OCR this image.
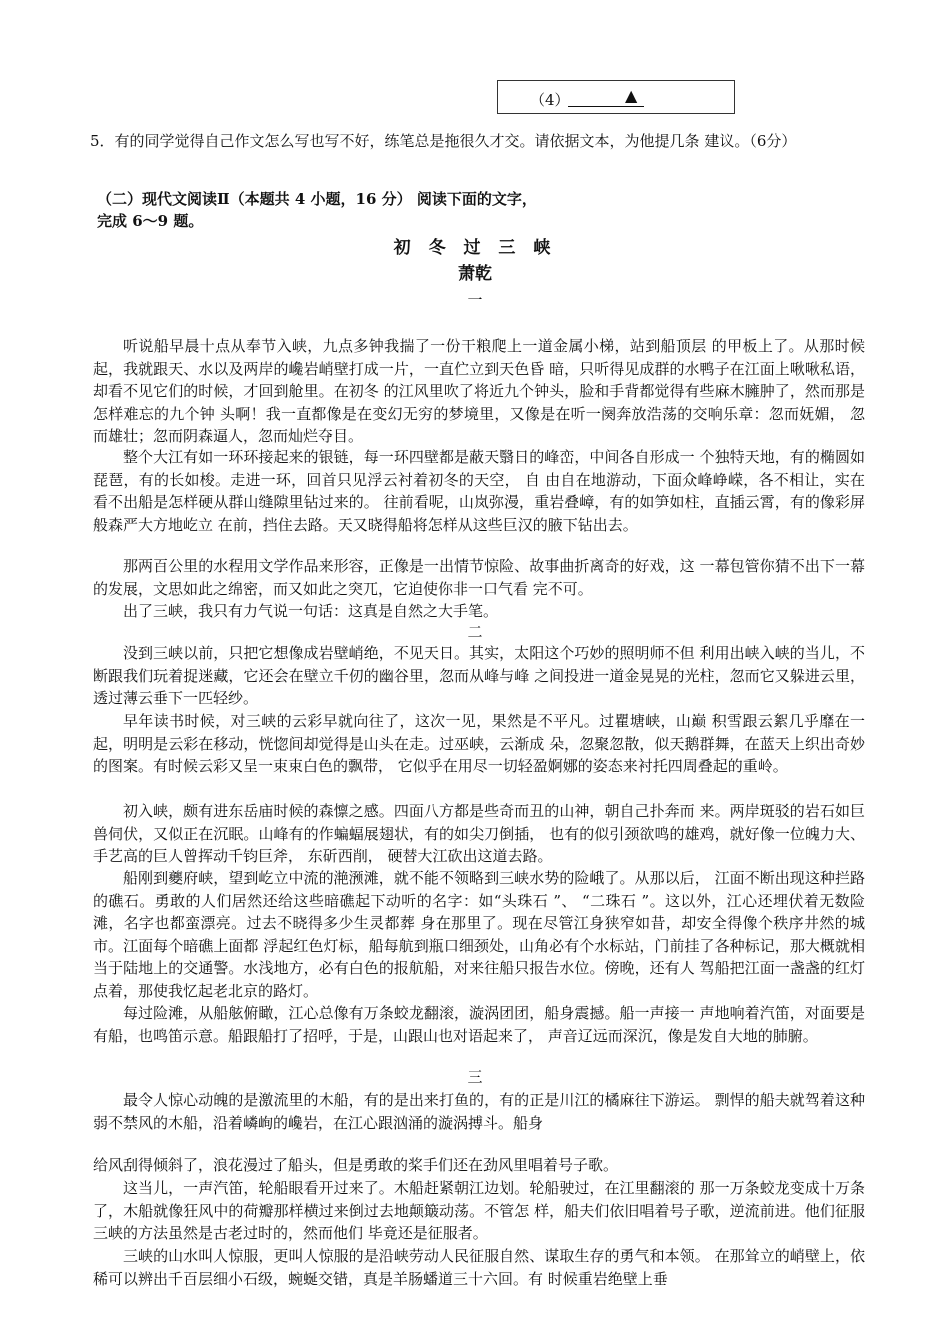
（4）	▲
5．有的同学觉得自己作文怎么写也写不好，练笔总是拖很久才交。请依据文本，为他提几条 建议。（6分）
（二）现代文阅读Ⅱ（本题共 4 小题，16 分） 阅读下面的文字，完成 6～9 题。
初 冬 过 三 峡
萧乾
一
听说船早晨十点从奉节入峡，九点多钟我揣了一份干粮爬上一道金属小梯，站到船顶层 的甲板上了。从那时候起，我就跟天、水以及两岸的巉岩峭壁打成一片，一直伫立到天色昏 暗，只听得见成群的水鸭子在江面上啾啾私语，却看不见它们的时候，才回到舱里。在初冬 的江风里吹了将近九个钟头，脸和手背都觉得有些麻木臃肿了，然而那是怎样难忘的九个钟 头啊！我一直都像是在变幻无穷的梦境里，又像是在听一阕奔放浩荡的交响乐章：忽而妩媚， 忽而雄壮；忽而阴森逼人，忽而灿烂夺目。
整个大江有如一环环接起来的银链，每一环四壁都是蔽天翳日的峰峦，中间各自形成一 个独特天地，有的椭圆如琵琶，有的长如梭。走进一环，回首只见浮云衬着初冬的天空， 自 由自在地游动，下面众峰峥嵘，各不相让，实在看不出船是怎样硬从群山缝隙里钻过来的。 往前看呢，山岚弥漫，重岩叠嶂，有的如笋如柱，直插云霄，有的像彩屏般森严大方地屹立 在前，挡住去路。天又晓得船将怎样从这些巨汉的腋下钻出去。
那两百公里的水程用文学作品来形容，正像是一出情节惊险、故事曲折离奇的好戏，这 一幕包管你猜不出下一幕的发展，文思如此之绵密，而又如此之突兀，它迫使你非一口气看 完不可。
出了三峡，我只有力气说一句话：这真是自然之大手笔。
二
没到三峡以前，只把它想像成岩壁峭绝，不见天日。其实，太阳这个巧妙的照明师不但 利用出峡入峡的当儿，不断跟我们玩着捉迷藏，它还会在壁立千仞的幽谷里，忽而从峰与峰 之间投进一道金晃晃的光柱，忽而它又躲进云里，透过薄云垂下一匹轻纱。
早年读书时候，对三峡的云彩早就向往了，这次一见，果然是不平凡。过瞿塘峡，山巅 积雪跟云絮几乎靡在一起，明明是云彩在移动，恍惚间却觉得是山头在走。过巫峡，云渐成 朵，忽聚忽散，似天鹅群舞，在蓝天上织出奇妙的图案。有时候云彩又呈一束束白色的飘带， 它似乎在用尽一切轻盈婀娜的姿态来衬托四周叠起的重岭。
初入峡，颇有进东岳庙时候的森懔之感。四面八方都是些奇而丑的山神，朝自己扑奔而 来。两岸斑驳的岩石如巨兽伺伏，又似正在沉眠。山峰有的作蝙蝠展翅状，有的如尖刀倒插， 也有的似引颈欲鸣的雄鸡，就好像一位魄力大、手艺高的巨人曾挥动千钧巨斧， 东斫西削， 硬替大江砍出这道去路。
船刚到夔府峡，望到屹立中流的滟滪滩，就不能不领略到三峡水势的险峨了。从那以后， 江面不断出现这种拦路的礁石。勇敢的人们居然还给这些暗礁起下动听的名字：如“头珠石 ”、 “二珠石 ”。这以外，江心还埋伏着无数险滩，名字也都蛮漂亮。过去不晓得多少生灵都葬 身在那里了。现在尽管江身狭窄如昔，却安全得像个秩序井然的城市。江面每个暗礁上面都 浮起红色灯标，船每航到瓶口细颈处，山角必有个水标站，门前挂了各种标记，那大概就相 当于陆地上的交通警。水浅地方，必有白色的报航船，对来往船只报告水位。傍晚，还有人 驾船把江面一盏盏的红灯点着，那使我忆起老北京的路灯。
每过险滩，从船舷俯瞰，江心总像有万条蛟龙翻滚，漩涡团团，船身震撼。船一声接一 声地响着汽笛，对面要是有船，也鸣笛示意。船跟船打了招呼，于是，山跟山也对语起来了， 声音辽远而深沉，像是发自大地的肺腑。
三
最令人惊心动魄的是激流里的木船，有的是出来打鱼的，有的正是川江的橘麻往下游运。 剽悍的船夫就驾着这种弱不禁风的木船，沿着嶙峋的巉岩，在江心跟汹涌的漩涡搏斗。船身
给风刮得倾斜了，浪花漫过了船头，但是勇敢的桨手们还在劲风里唱着号子歌。
这当儿，一声汽笛，轮船眼看开过来了。木船赶紧朝江边划。轮船驶过，在江里翻滚的 那一万条蛟龙变成十万条了，木船就像狂风中的荷瓣那样横过来倒过去地颠簸动荡。不管怎 样，船夫们依旧唱着号子歌，逆流前进。他们征服三峡的方法虽然是古老过时的，然而他们 毕竟还是征服者。
三峡的山水叫人惊服，更叫人惊服的是沿峡劳动人民征服自然、谋取生存的勇气和本领。 在那耸立的峭壁上，依稀可以辨出千百层细小石级，蜿蜒交错，真是羊肠蟠道三十六回。有 时候重岩绝壁上垂
